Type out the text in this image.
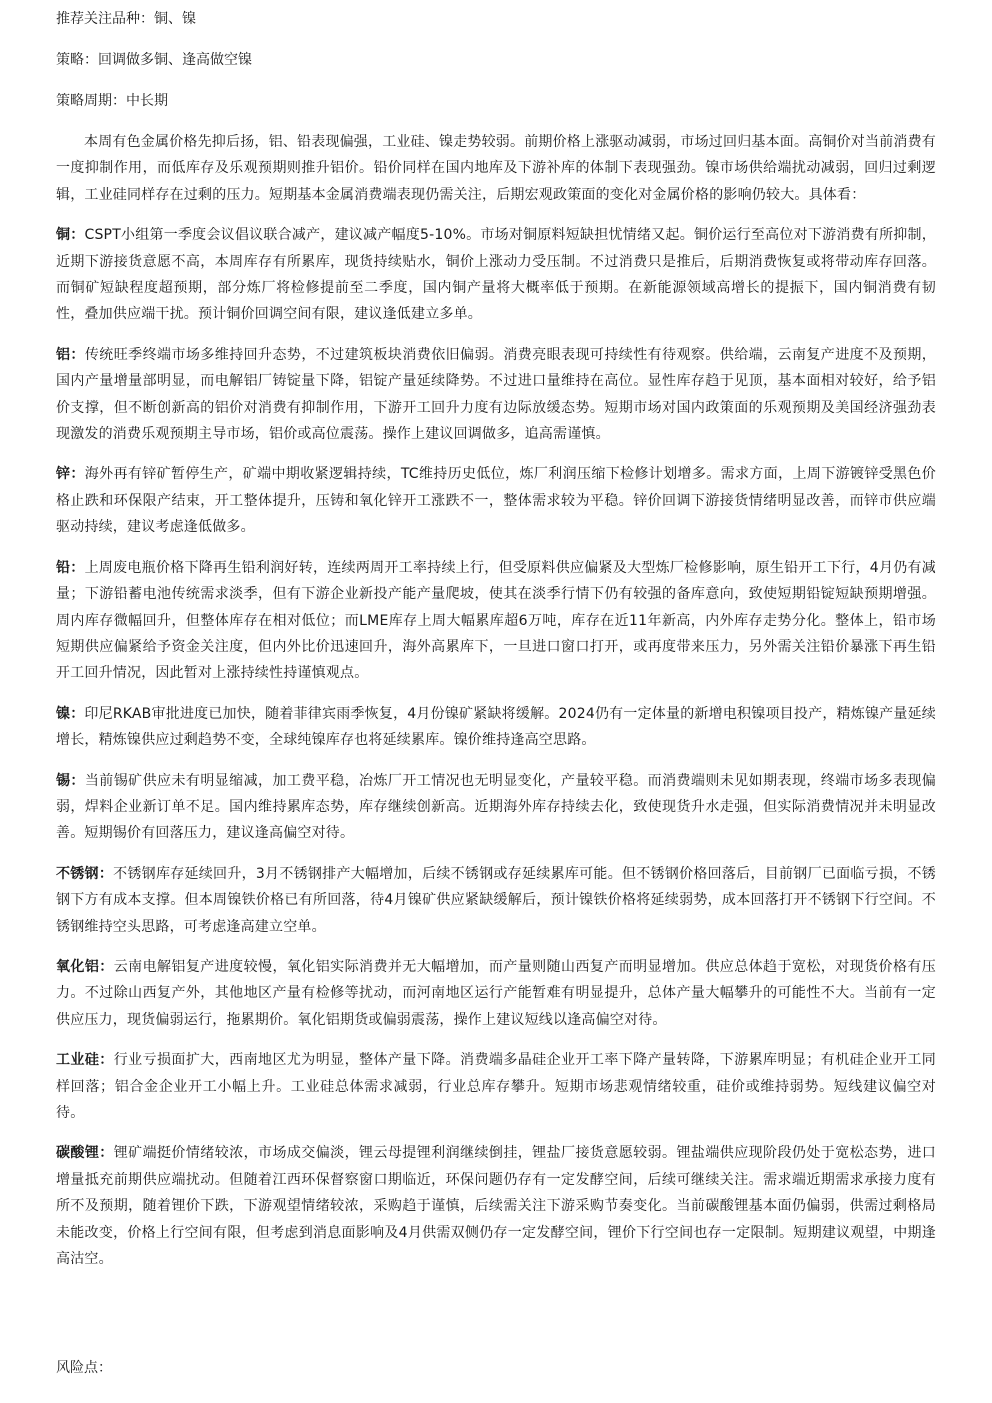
推荐关注品种：铜、镍
策略：回调做多铜、逢高做空镍
策略周期：中长期

本周有色金属价格先抑后扬，铝、铅表现偏强，工业硅、镍走势较弱。前期价格上涨驱动减弱，市场过回归基本面。高铜价对当前消费有一度抑制作用，而低库存及乐观预期则推升铝价。铅价同样在国内地库及下游补库的体制下表现强劲。镍市场供给端扰动减弱，回归过剩逻辑，工业硅同样存在过剩的压力。短期基本金属消费端表现仍需关注，后期宏观政策面的变化对金属价格的影响仍较大。具体看：

铜：CSPT小组第一季度会议倡议联合减产，建议减产幅度5-10%。市场对铜原料短缺担忧情绪又起。铜价运行至高位对下游消费有所抑制，近期下游接货意愿不高，本周库存有所累库，现货持续贴水，铜价上涨动力受压制。不过消费只是推后，后期消费恢复或将带动库存回落。而铜矿短缺程度超预期，部分炼厂将检修提前至二季度，国内铜产量将大概率低于预期。在新能源领域高增长的提振下，国内铜消费有韧性，叠加供应端干扰。预计铜价回调空间有限，建议逢低建立多单。

铝：传统旺季终端市场多维持回升态势，不过建筑板块消费依旧偏弱。消费亮眼表现可持续性有待观察。供给端，云南复产进度不及预期，国内产量增量部明显，而电解铝厂铸锭量下降，铝锭产量延续降势。不过进口量维持在高位。显性库存趋于见顶，基本面相对较好，给予铝价支撑，但不断创新高的铝价对消费有抑制作用，下游开工回升力度有边际放缓态势。短期市场对国内政策面的乐观预期及美国经济强劲表现激发的消费乐观预期主导市场，铝价或高位震荡。操作上建议回调做多，追高需谨慎。

锌：海外再有锌矿暂停生产，矿端中期收紧逻辑持续，TC维持历史低位，炼厂利润压缩下检修计划增多。需求方面，上周下游镀锌受黑色价格止跌和环保限产结束，开工整体提升，压铸和氧化锌开工涨跌不一，整体需求较为平稳。锌价回调下游接货情绪明显改善，而锌市供应端驱动持续，建议考虑逢低做多。

铅：上周废电瓶价格下降再生铅利润好转，连续两周开工率持续上行，但受原料供应偏紧及大型炼厂检修影响，原生铅开工下行，4月仍有减量；下游铅蓄电池传统需求淡季，但有下游企业新投产能产量爬坡，使其在淡季行情下仍有较强的备库意向，致使短期铅锭短缺预期增强。周内库存微幅回升，但整体库存在相对低位；而LME库存上周大幅累库超6万吨，库存在近11年新高，内外库存走势分化。整体上，铅市场短期供应偏紧给予资金关注度，但内外比价迅速回升，海外高累库下，一旦进口窗口打开，或再度带来压力，另外需关注铅价暴涨下再生铅开工回升情况，因此暂对上涨持续性持谨慎观点。

镍：印尼RKAB审批进度已加快，随着菲律宾雨季恢复，4月份镍矿紧缺将缓解。2024仍有一定体量的新增电积镍项目投产，精炼镍产量延续增长，精炼镍供应过剩趋势不变，全球纯镍库存也将延续累库。镍价维持逢高空思路。

锡：当前锡矿供应未有明显缩减，加工费平稳，冶炼厂开工情况也无明显变化，产量较平稳。而消费端则未见如期表现，终端市场多表现偏弱，焊料企业新订单不足。国内维持累库态势，库存继续创新高。近期海外库存持续去化，致使现货升水走强，但实际消费情况并未明显改善。短期锡价有回落压力，建议逢高偏空对待。

不锈钢：不锈钢库存延续回升，3月不锈钢排产大幅增加，后续不锈钢或存延续累库可能。但不锈钢价格回落后，目前钢厂已面临亏损，不锈钢下方有成本支撑。但本周镍铁价格已有所回落，待4月镍矿供应紧缺缓解后，预计镍铁价格将延续弱势，成本回落打开不锈钢下行空间。不锈钢维持空头思路，可考虑逢高建立空单。

氧化铝：云南电解铝复产进度较慢，氧化铝实际消费并无大幅增加，而产量则随山西复产而明显增加。供应总体趋于宽松，对现货价格有压力。不过除山西复产外，其他地区产量有检修等扰动，而河南地区运行产能暂难有明显提升，总体产量大幅攀升的可能性不大。当前有一定供应压力，现货偏弱运行，拖累期价。氧化铝期货或偏弱震荡，操作上建议短线以逢高偏空对待。

工业硅：行业亏损面扩大，西南地区尤为明显，整体产量下降。消费端多晶硅企业开工率下降产量转降，下游累库明显；有机硅企业开工同样回落；铝合金企业开工小幅上升。工业硅总体需求减弱，行业总库存攀升。短期市场悲观情绪较重，硅价或维持弱势。短线建议偏空对待。

碳酸锂：锂矿端挺价情绪较浓，市场成交偏淡，锂云母提锂利润继续倒挂，锂盐厂接货意愿较弱。锂盐端供应现阶段仍处于宽松态势，进口增量抵充前期供应端扰动。但随着江西环保督察窗口期临近，环保问题仍存有一定发酵空间，后续可继续关注。需求端近期需求承接力度有所不及预期，随着锂价下跌，下游观望情绪较浓，采购趋于谨慎，后续需关注下游采购节奏变化。当前碳酸锂基本面仍偏弱，供需过剩格局未能改变，价格上行空间有限，但考虑到消息面影响及4月供需双侧仍存一定发酵空间，锂价下行空间也存一定限制。短期建议观望，中期逢高沽空。

风险点：
